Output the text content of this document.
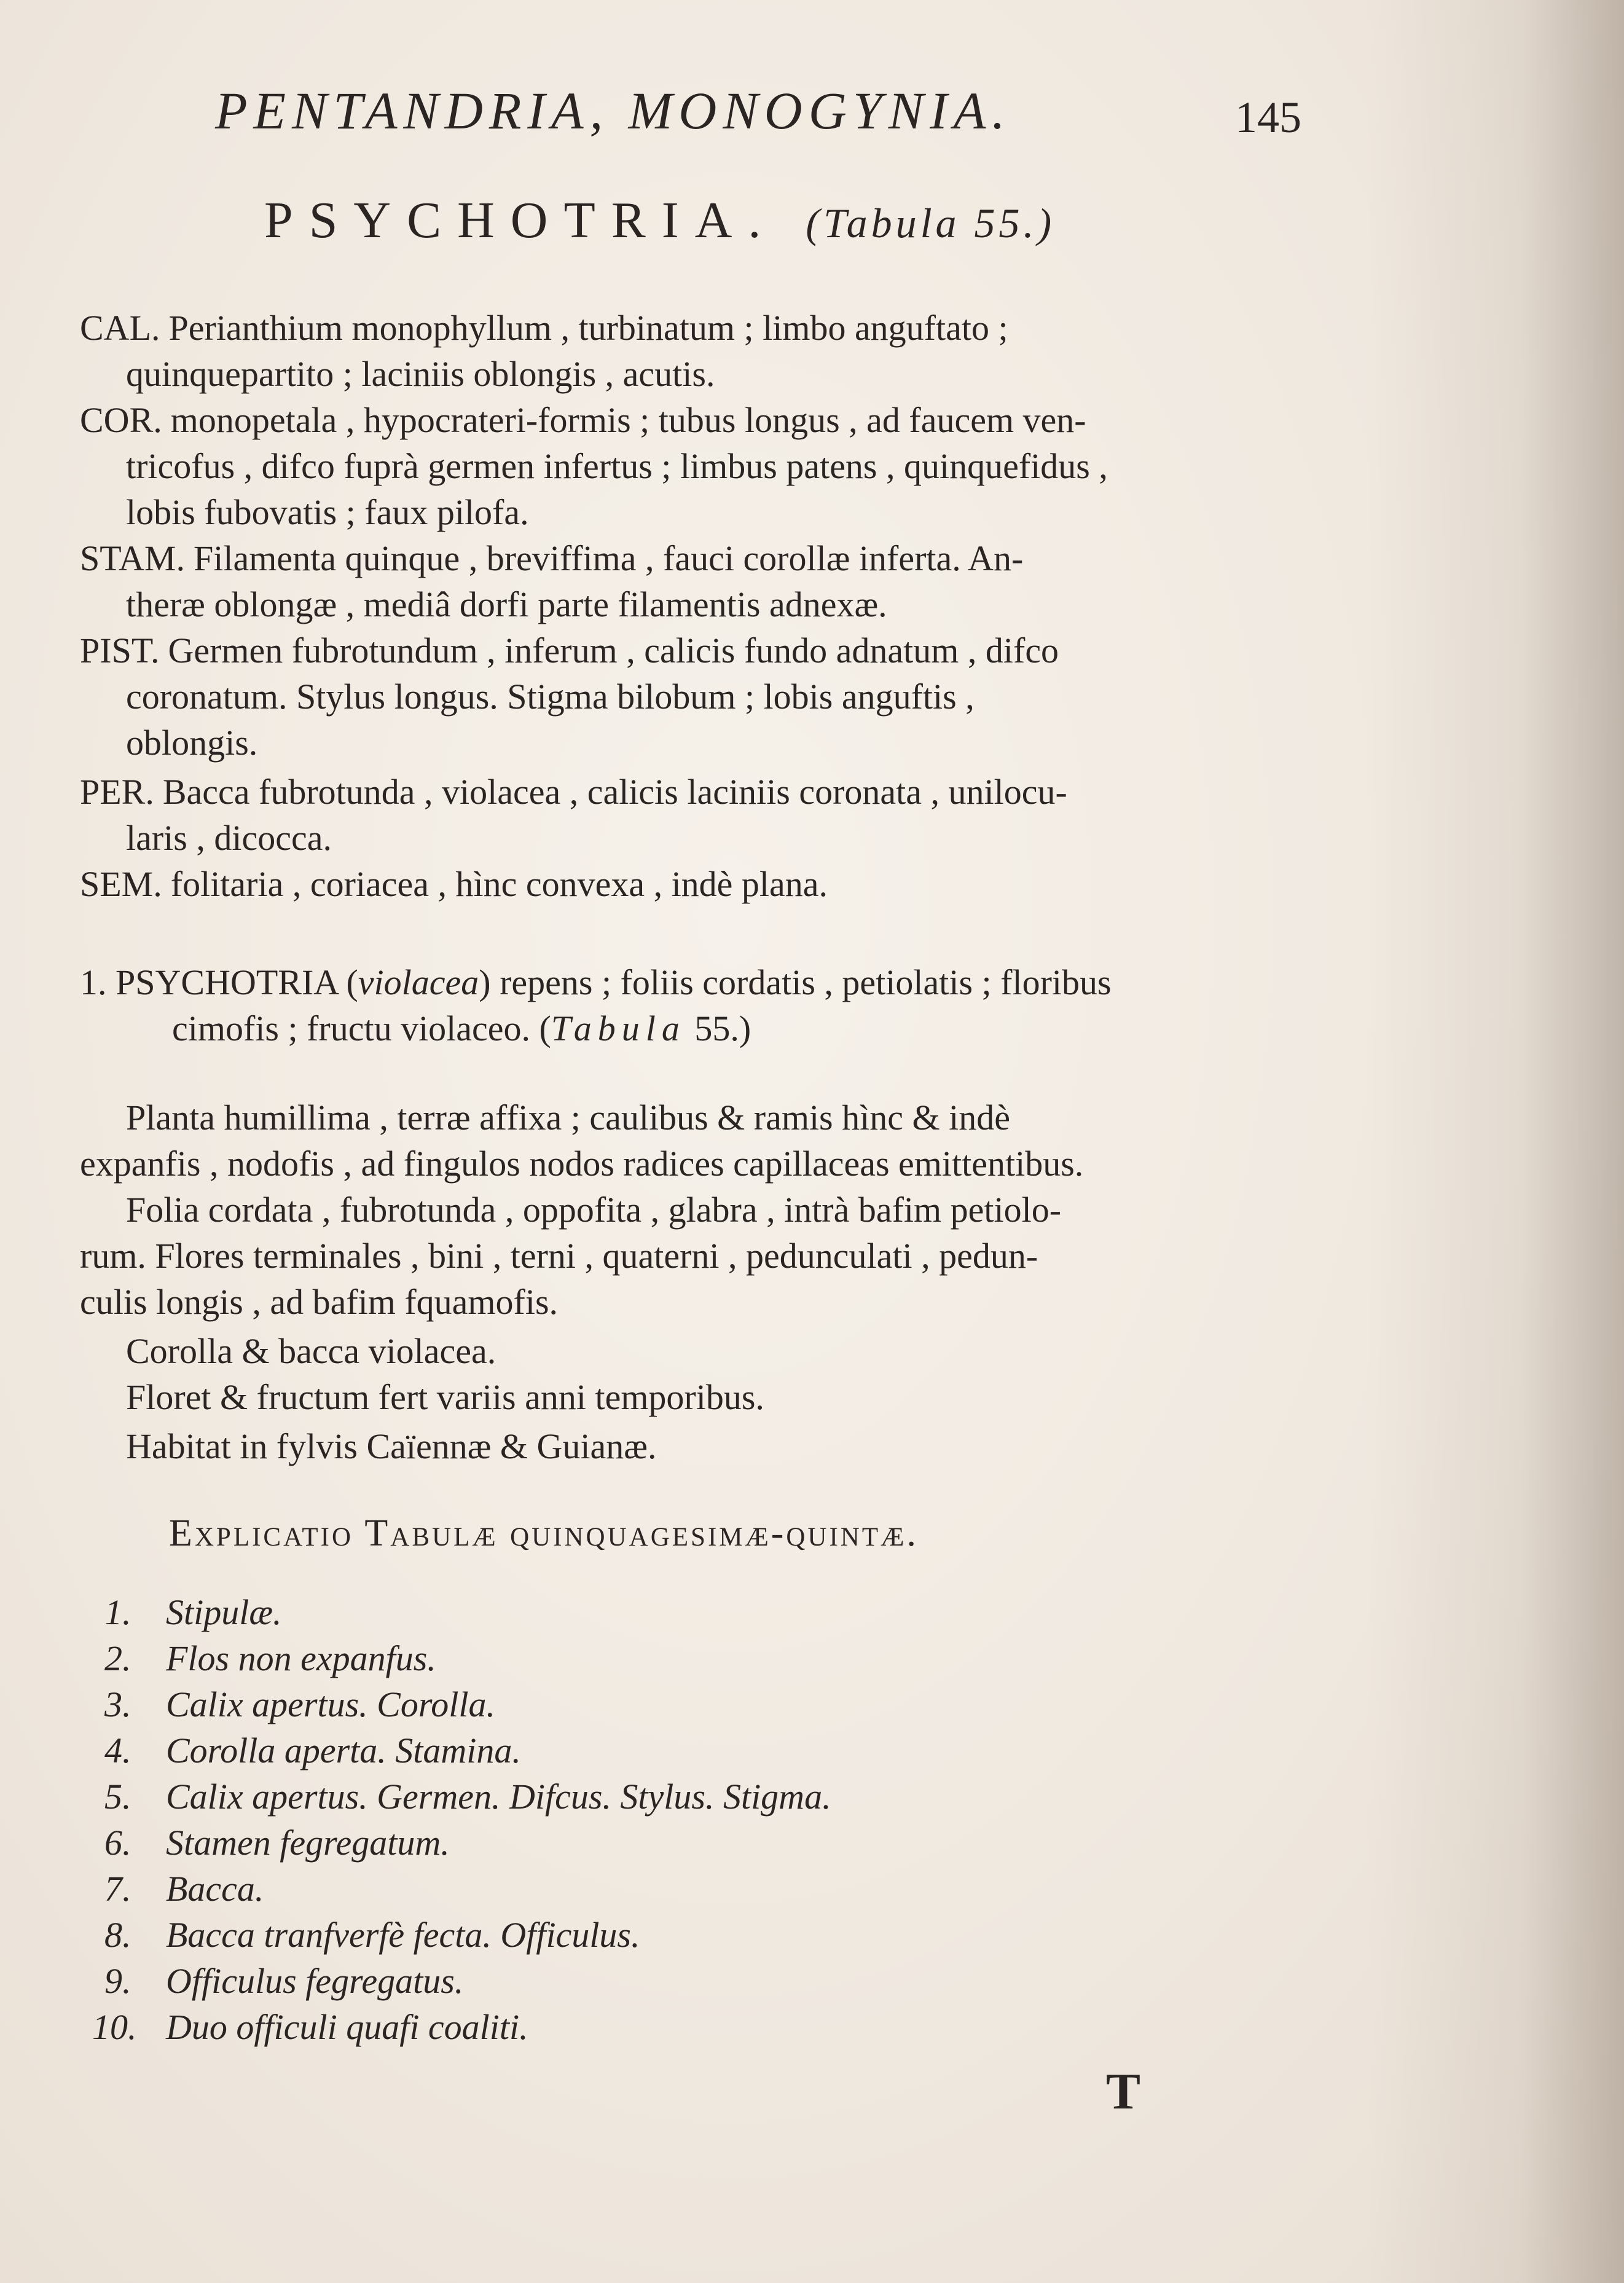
PENTANDRIA, MONOGYNIA.	145
PSYCHOTRIA. (Tabula 55.)
CAL. Perianthium monophyllum , turbinatum ; limbo anguftato ;
quinquepartito ; laciniis oblongis , acutis.
COR. monopetala , hypocrateri-formis ; tubus longus , ad faucem ven-
tricofus , difco fuprà germen infertus ; limbus patens , quinquefidus ,
lobis fubovatis ; faux pilofa.
STAM. Filamenta quinque , breviffima , fauci corollæ inferta. An-
theræ oblongæ , mediâ dorfi parte filamentis adnexæ.
PIST. Germen fubrotundum , inferum , calicis fundo adnatum , difco
coronatum. Stylus longus. Stigma bilobum ; lobis anguftis ,
oblongis.
PER. Bacca fubrotunda , violacea , calicis laciniis coronata , unilocu-
laris , dicocca.
SEM. folitaria , coriacea , hìnc convexa , indè plana.
1. PSYCHOTRIA (violacea) repens ; foliis cordatis , petiolatis ; floribus
cimofis ; fructu violaceo. (Tabula 55.)
Planta humillima , terræ affixa ; caulibus & ramis hìnc & indè
expanfis , nodofis , ad fingulos nodos radices capillaceas emittentibus.
Folia cordata , fubrotunda , oppofita , glabra , intrà bafim petiolo-
rum. Flores terminales , bini , terni , quaterni , pedunculati , pedun-
culis longis , ad bafim fquamofis.
Corolla & bacca violacea.
Floret & fructum fert variis anni temporibus.
Habitat in fylvis Caïennæ & Guianæ.
Explicatio Tabulæ quinquagesimæ-quintæ.
1. Stipulæ.
2. Flos non expanfus.
3. Calix apertus. Corolla.
4. Corolla aperta. Stamina.
5. Calix apertus. Germen. Difcus. Stylus. Stigma.
6. Stamen fegregatum.
7. Bacca.
8. Bacca tranfverfè fecta. Officulus.
9. Officulus fegregatus.
10. Duo officuli quafi coaliti.
T
